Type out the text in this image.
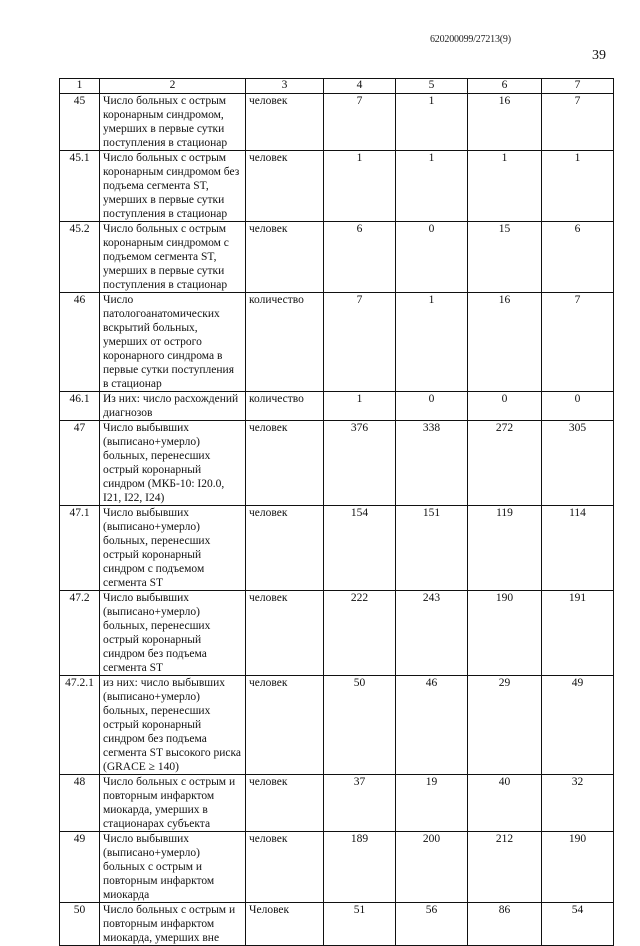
620200099/27213(9)
39
1	2	3	4	5	6	7
45	Число больных с острым коронарным синдромом, умерших в первые сутки поступления в стационар	человек	7	1	16	7
45.1	Число больных с острым коронарным синдромом без подъема сегмента ST, умерших в первые сутки поступления в стационар	человек	1	1	1	1
45.2	Число больных с острым коронарным синдромом с подъемом сегмента ST, умерших в первые сутки поступления в стационар	человек	6	0	15	6
46	Число патологоанатомических вскрытий больных, умерших от острого коронарного синдрома в первые сутки поступления в стационар	количество	7	1	16	7
46.1	Из них: число расхождений диагнозов	количество	1	0	0	0
47	Число выбывших (выписано+умерло) больных, перенесших острый коронарный синдром (МКБ-10: I20.0, I21, I22, I24)	человек	376	338	272	305
47.1	Число выбывших (выписано+умерло) больных, перенесших острый коронарный синдром с подъемом сегмента ST	человек	154	151	119	114
47.2	Число выбывших (выписано+умерло) больных, перенесших острый коронарный синдром без подъема сегмента ST	человек	222	243	190	191
47.2.1	из них: число выбывших (выписано+умерло) больных, перенесших острый коронарный синдром без подъема сегмента ST высокого риска (GRACE ≥ 140)	человек	50	46	29	49
48	Число больных с острым и повторным инфарктом миокарда, умерших в стационарах субъекта	человек	37	19	40	32
49	Число выбывших (выписано+умерло) больных с острым и повторным инфарктом миокарда	человек	189	200	212	190
50	Число больных с острым и повторным инфарктом миокарда, умерших вне	Человек	51	56	86	54
